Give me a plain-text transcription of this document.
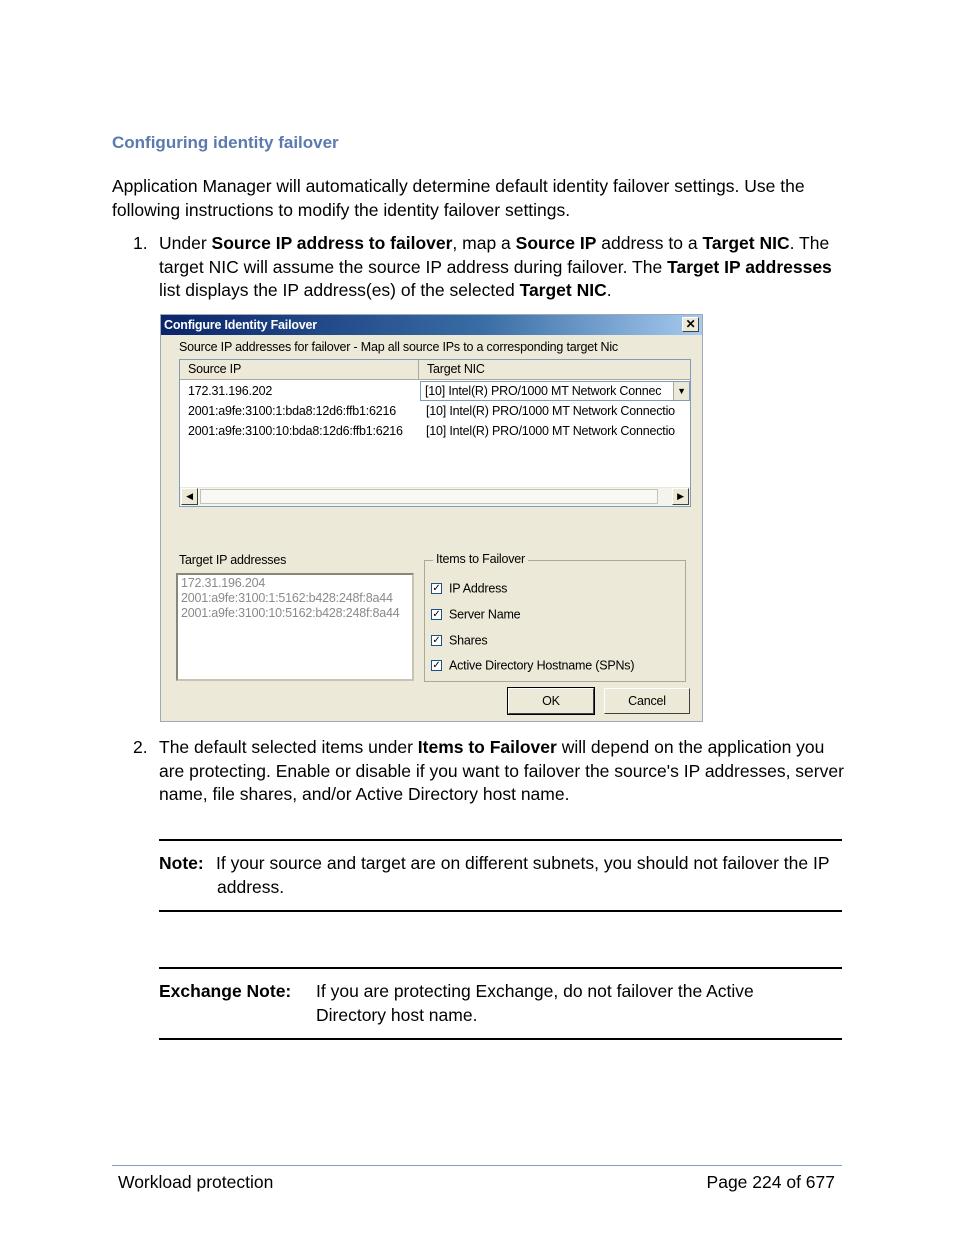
Configuring identity failover
Application Manager will automatically determine default identity failover settings. Use the following instructions to modify the identity failover settings.
1. Under Source IP address to failover, map a Source IP address to a Target NIC. The target NIC will assume the source IP address during failover. The Target IP addresses list displays the IP address(es) of the selected Target NIC.
Configure Identity Failover	✕
Source IP addresses for failover - Map all source IPs to a corresponding target Nic
Source IP	Target NIC
172.31.196.202	[10] Intel(R) PRO/1000 MT Network Connec	▼
2001:a9fe:3100:1:bda8:12d6:ffb1:6216 [10] Intel(R) PRO/1000 MT Network Connectio
2001:a9fe:3100:10:bda8:12d6:ffb1:6216 [10] Intel(R) PRO/1000 MT Network Connectio
◀	▶
Target IP addresses
172.31.196.204
2001:a9fe:3100:1:5162:b428:248f:8a44
2001:a9fe:3100:10:5162:b428:248f:8a44
Items to Failover
✓ IP Address
✓ Server Name
✓ Shares
✓ Active Directory Hostname (SPNs)
OK	Cancel
2. The default selected items under Items to Failover will depend on the application you are protecting. Enable or disable if you want to failover the source's IP addresses, server name, file shares, and/or Active Directory host name.
Note: If your source and target are on different subnets, you should not failover the IP address.
Exchange Note: If you are protecting Exchange, do not failover the Active Directory host name.
Workload protection	Page 224 of 677
